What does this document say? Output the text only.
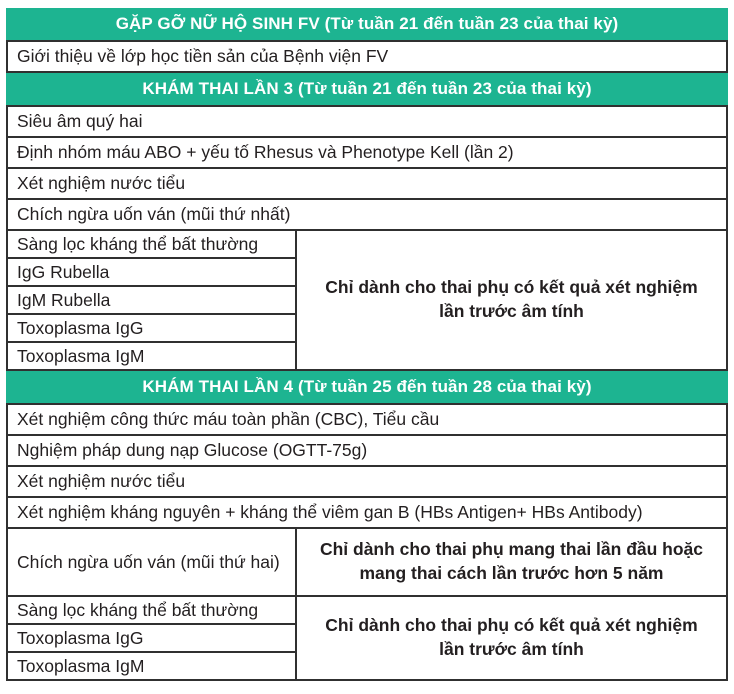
GẶP GỠ NỮ HỘ SINH FV (Từ tuần 21 đến tuần 23 của thai kỳ)
Giới thiệu về lớp học tiền sản của Bệnh viện FV
KHÁM THAI LẦN 3 (Từ tuần 21 đến tuần 23 của thai kỳ)
Siêu âm quý hai
Định nhóm máu ABO + yếu tố Rhesus và Phenotype Kell (lần 2)
Xét nghiệm nước tiểu
Chích ngừa uốn ván (mũi thứ nhất)
Sàng lọc kháng thể bất thường
IgG Rubella
IgM Rubella
Toxoplasma IgG
Toxoplasma IgM
Chỉ dành cho thai phụ có kết quả xét nghiệm lần trước âm tính
KHÁM THAI LẦN 4 (Từ tuần 25 đến tuần 28 của thai kỳ)
Xét nghiệm công thức máu toàn phần (CBC), Tiểu cầu
Nghiệm pháp dung nạp Glucose (OGTT-75g)
Xét nghiệm nước tiểu
Xét nghiệm kháng nguyên + kháng thể viêm gan B (HBs Antigen+ HBs Antibody)
Chích ngừa uốn ván (mũi thứ hai)
Chỉ dành cho thai phụ mang thai lần đầu hoặc mang thai cách lần trước hơn 5 năm
Sàng lọc kháng thể bất thường
Toxoplasma IgG
Toxoplasma IgM
Chỉ dành cho thai phụ có kết quả xét nghiệm lần trước âm tính
